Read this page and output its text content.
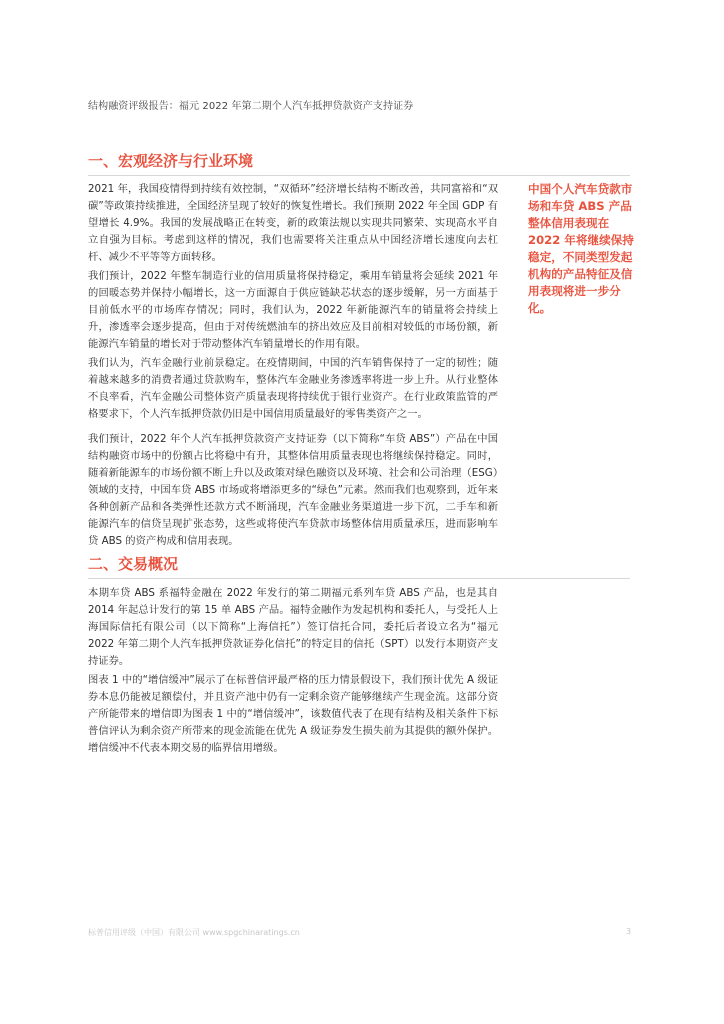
结构融资评级报告：福元 2022 年第二期个人汽车抵押贷款资产支持证券
一、宏观经济与行业环境

2021 年，我国疫情得到持续有效控制，“双循环”经济增长结构不断改善，共同富裕和“双碳”等政策持续推进，全国经济呈现了较好的恢复性增长。我们预期 2022 年全国 GDP 有望增长 4.9%。我国的发展战略正在转变，新的政策法规以实现共同繁荣、实现高水平自立自强为目标。考虑到这样的情况，我们也需要将关注重点从中国经济增长速度向去杠杆、减少不平等等方面转移。

我们预计，2022 年整车制造行业的信用质量将保持稳定，乘用车销量将会延续 2021 年的回暖态势并保持小幅增长，这一方面源自于供应链缺芯状态的逐步缓解，另一方面基于目前低水平的市场库存情况；同时，我们认为，2022 年新能源汽车的销量将会持续上升，渗透率会逐步提高，但由于对传统燃油车的挤出效应及目前相对较低的市场份额，新能源汽车销量的增长对于带动整体汽车销量增长的作用有限。

我们认为，汽车金融行业前景稳定。在疫情期间，中国的汽车销售保持了一定的韧性；随着越来越多的消费者通过贷款购车，整体汽车金融业务渗透率将进一步上升。从行业整体不良率看，汽车金融公司整体资产质量表现将持续优于银行业资产。在行业政策监管的严格要求下，个人汽车抵押贷款仍旧是中国信用质量最好的零售类资产之一。

我们预计，2022 年个人汽车抵押贷款资产支持证券（以下简称“车贷 ABS”）产品在中国结构融资市场中的份额占比将稳中有升，其整体信用质量表现也将继续保持稳定。同时，随着新能源车的市场份额不断上升以及政策对绿色融资以及环境、社会和公司治理（ESG）领域的支持，中国车贷 ABS 市场或将增添更多的“绿色”元素。然而我们也观察到，近年来各种创新产品和各类弹性还款方式不断涌现，汽车金融业务渠道进一步下沉，二手车和新能源汽车的信贷呈现扩张态势，这些或将使汽车贷款市场整体信用质量承压，进而影响车贷 ABS 的资产构成和信用表现。

中国个人汽车贷款市场和车贷 ABS 产品整体信用表现在 2022 年将继续保持稳定，不同类型发起机构的产品特征及信用表现将进一步分化。

二、交易概况

本期车贷 ABS 系福特金融在 2022 年发行的第二期福元系列车贷 ABS 产品，也是其自 2014 年起总计发行的第 15 单 ABS 产品。福特金融作为发起机构和委托人，与受托人上海国际信托有限公司（以下简称“上海信托”）签订信托合同，委托后者设立名为“福元 2022 年第二期个人汽车抵押贷款证券化信托”的特定目的信托（SPT）以发行本期资产支持证券。

图表 1 中的“增信缓冲”展示了在标普信评最严格的压力情景假设下，我们预计优先 A 级证券本息仍能被足额偿付，并且资产池中仍有一定剩余资产能够继续产生现金流。这部分资产所能带来的增信即为图表 1 中的“增信缓冲”，该数值代表了在现有结构及相关条件下标普信评认为剩余资产所带来的现金流能在优先 A 级证券发生损失前为其提供的额外保护。增信缓冲不代表本期交易的临界信用增级。

标普信用评级（中国）有限公司 www.spgchinaratings.cn	3
